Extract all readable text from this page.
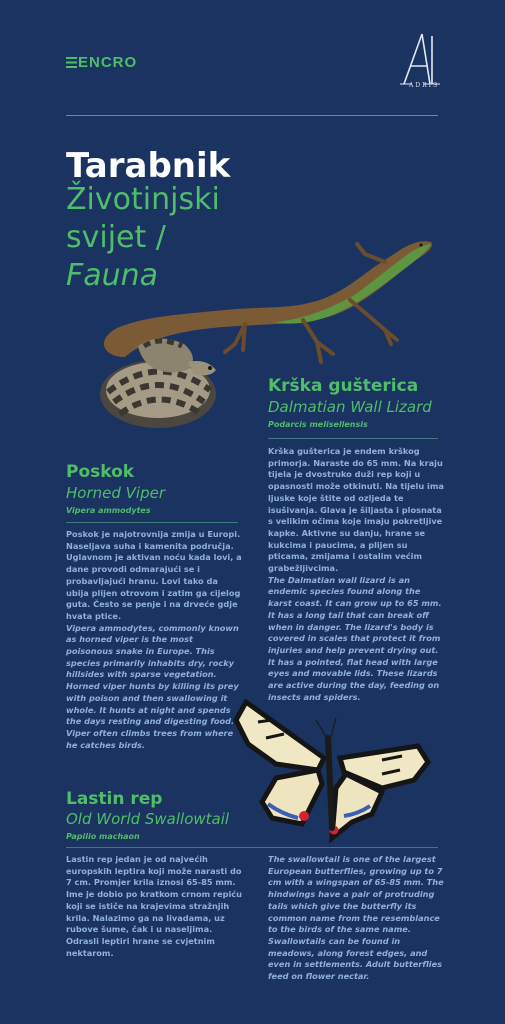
ENCRO
ADRIS
Tarabnik
Životinjski
svijet /
Fauna
Krška gušterica
Dalmatian Wall Lizard
Podarcis melisellensis

Krška gušterica je endem krškog primorja. Naraste do 65 mm. Na kraju tijela je dvostruko duži rep koji u opasnosti može otkinuti. Na tijelu ima ljuske koje štite od ozljeda te isušivanja. Glava je šiljasta i plosnata s velikim očima koje imaju pokretljive kapke. Aktivne su danju, hrane se kukcima i paucima, a plijen su pticama, zmijama i ostalim većim grabežljivcima.

The Dalmatian wall lizard is an endemic species found along the karst coast. It can grow up to 65 mm. It has a long tail that can break off when in danger. The lizard's body is covered in scales that protect it from injuries and help prevent drying out. It has a pointed, flat head with large eyes and movable lids. These lizards are active during the day, feeding on insects and spiders.

Poskok
Horned Viper
Vipera ammodytes

Poskok je najotrovnija zmija u Europi. Naseljava suha i kamenita područja. Uglavnom je aktivan noću kada lovi, a dane provodi odmarajući se i probavljajući hranu. Lovi tako da ubija plijen otrovom i zatim ga cijelog guta. Često se penje i na drveće gdje hvata ptice.

Vipera ammodytes, commonly known as horned viper is the most poisonous snake in Europe. This species primarily inhabits dry, rocky hillsides with sparse vegetation. Horned viper hunts by killing its prey with poison and then swallowing it whole. It hunts at night and spends the days resting and digesting food. Viper often climbs trees from where he catches birds.

Lastin rep
Old World Swallowtail
Papilio machaon

Lastin rep jedan je od najvećih europskih leptira koji može narasti do 7 cm. Promjer krila iznosi 65-85 mm. Ime je dobio po kratkom crnom repiću koji se ističe na krajevima stražnjih krila. Nalazimo ga na livadama, uz rubove šume, čak i u naseljima. Odrasli leptiri hrane se cvjetnim nektarom.

The swallowtail is one of the largest European butterflies, growing up to 7 cm with a wingspan of 65-85 mm. The hindwings have a pair of protruding tails which give the butterfly its common name from the resemblance to the birds of the same name. Swallowtails can be found in meadows, along forest edges, and even in settlements. Adult butterflies feed on flower nectar.
